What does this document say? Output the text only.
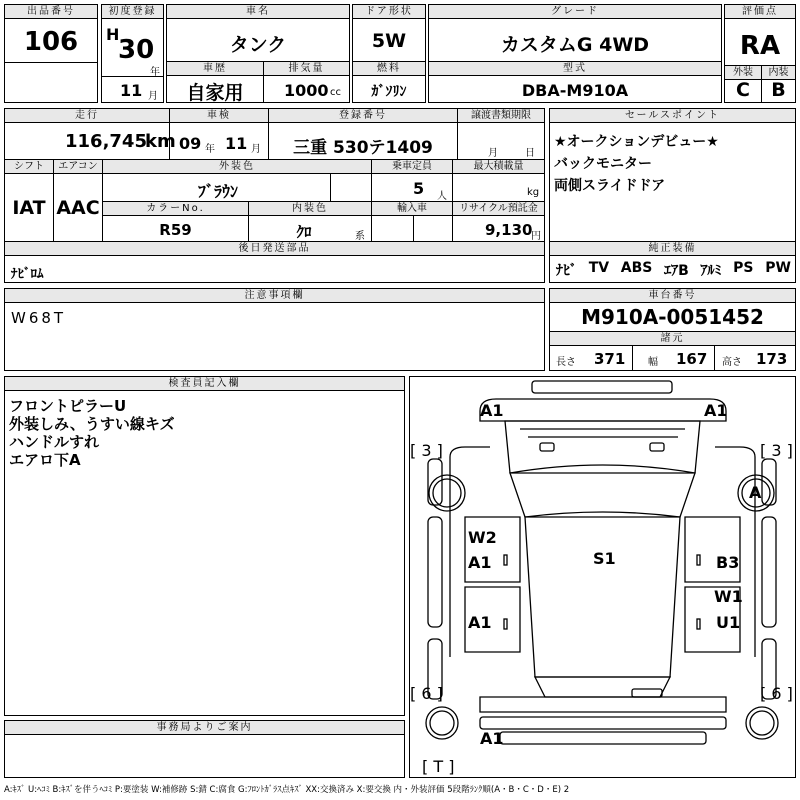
出品番号
106
初度登録
H
30
年
11 月
車名
タンク
ドア形状
5W
グレード
カスタムG 4WD
評価点
RA
外装	内装
C	B
車歴
自家用
排気量
1000 cc
燃料
ｶﾞｿﾘﾝ
型式
DBA-M910A
走行
116,745
km
車検
09 年 11 月
登録番号
三重 530テ1409
譲渡書類期限
月	日
シフト
IAT
エアコン
AAC
外装色
ﾌﾞﾗｳﾝ
乗車定員
5 人
最大積載量
kg
カラーNo.
R59
内装色
ｸﾛ	系
輸入車	リサイクル預託金
9,130
円
後日発送部品
ﾅﾋﾞﾛﾑ
セールスポイント
★オークションデビュー★
バックモニター
両側スライドドア
純正装備
ﾅﾋﾞ TV ABS ｴｱB ｱﾙﾐ PS PW
注意事項欄
W68T
車台番号
M910A-0051452
諸元
長さ 371 幅 167 高さ 173
検査員記入欄
フロントピラーU
外装しみ、うすい線キズ
ハンドルすれ
エアロ下A
事務局よりご案内
A1	A1
[ 3 ]	[ 3 ]
A
W2
A1	S1	B3
W1
A1	U1
[ 6 ]	[ 6 ]
A1
[ T ]
A:ｷｽﾞ U:ﾍｺﾐ B:ｷｽﾞを伴うﾍｺﾐ P:要塗装 W:補修跡 S:錆 C:腐食 G:ﾌﾛﾝﾄｶﾞﾗｽ点ｷｽﾞ XX:交換済み X:要交換 内・外装評価 5段階ﾗﾝｸ順(A・B・C・D・E) 2
